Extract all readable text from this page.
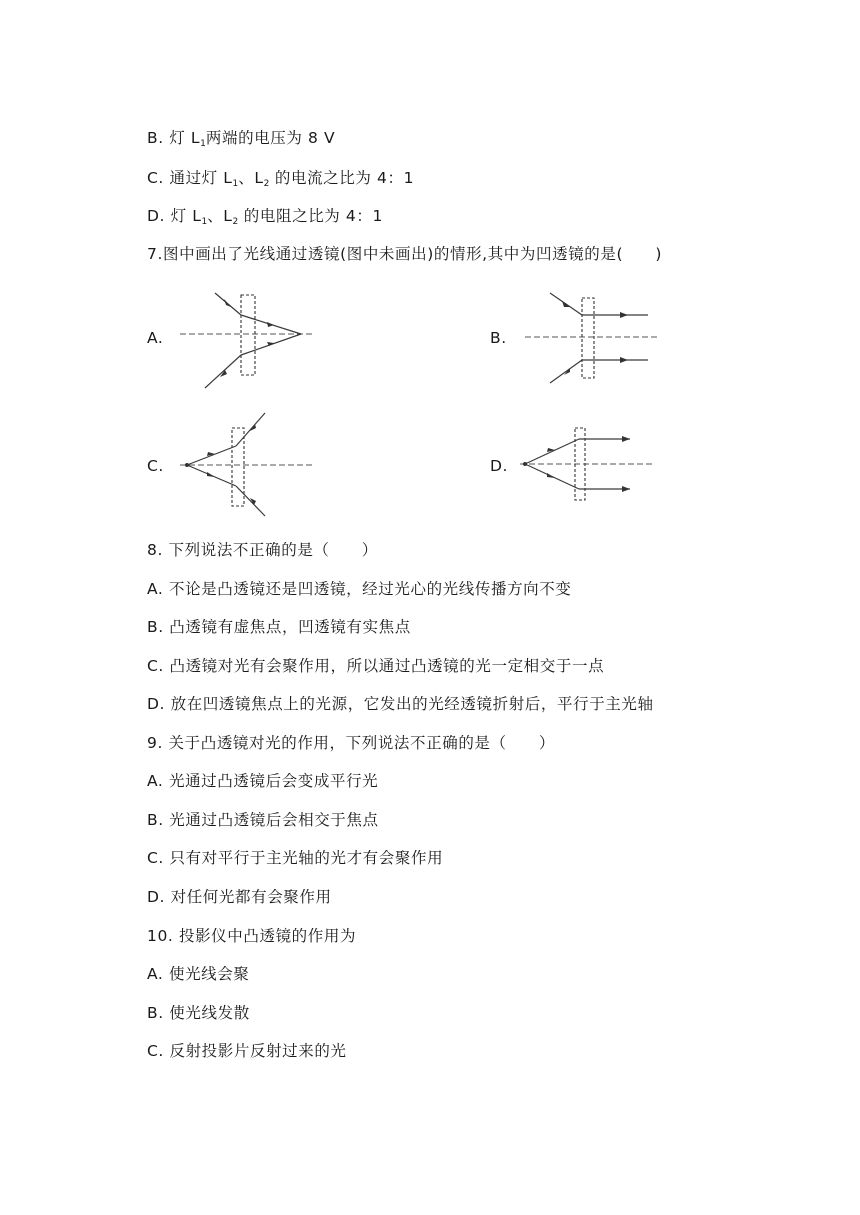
B. 灯 $L_1$两端的电压为 8 V
C. 通过灯 $L_1$、$L_2$ 的电流之比为 4：1
D. 灯 $L_1$、$L_2$ 的电阻之比为 4：1
7.图中画出了光线通过透镜(图中未画出)的情形,其中为凹透镜的是(　　)
A.	B.
C.	D.
8. 下列说法不正确的是（　　）
A. 不论是凸透镜还是凹透镜，经过光心的光线传播方向不变
B. 凸透镜有虚焦点，凹透镜有实焦点
C. 凸透镜对光有会聚作用，所以通过凸透镜的光一定相交于一点
D. 放在凹透镜焦点上的光源，它发出的光经透镜折射后，平行于主光轴
9. 关于凸透镜对光的作用，下列说法不正确的是（　　）
A. 光通过凸透镜后会变成平行光
B. 光通过凸透镜后会相交于焦点
C. 只有对平行于主光轴的光才有会聚作用
D. 对任何光都有会聚作用
10. 投影仪中凸透镜的作用为
A. 使光线会聚
B. 使光线发散
C. 反射投影片反射过来的光
